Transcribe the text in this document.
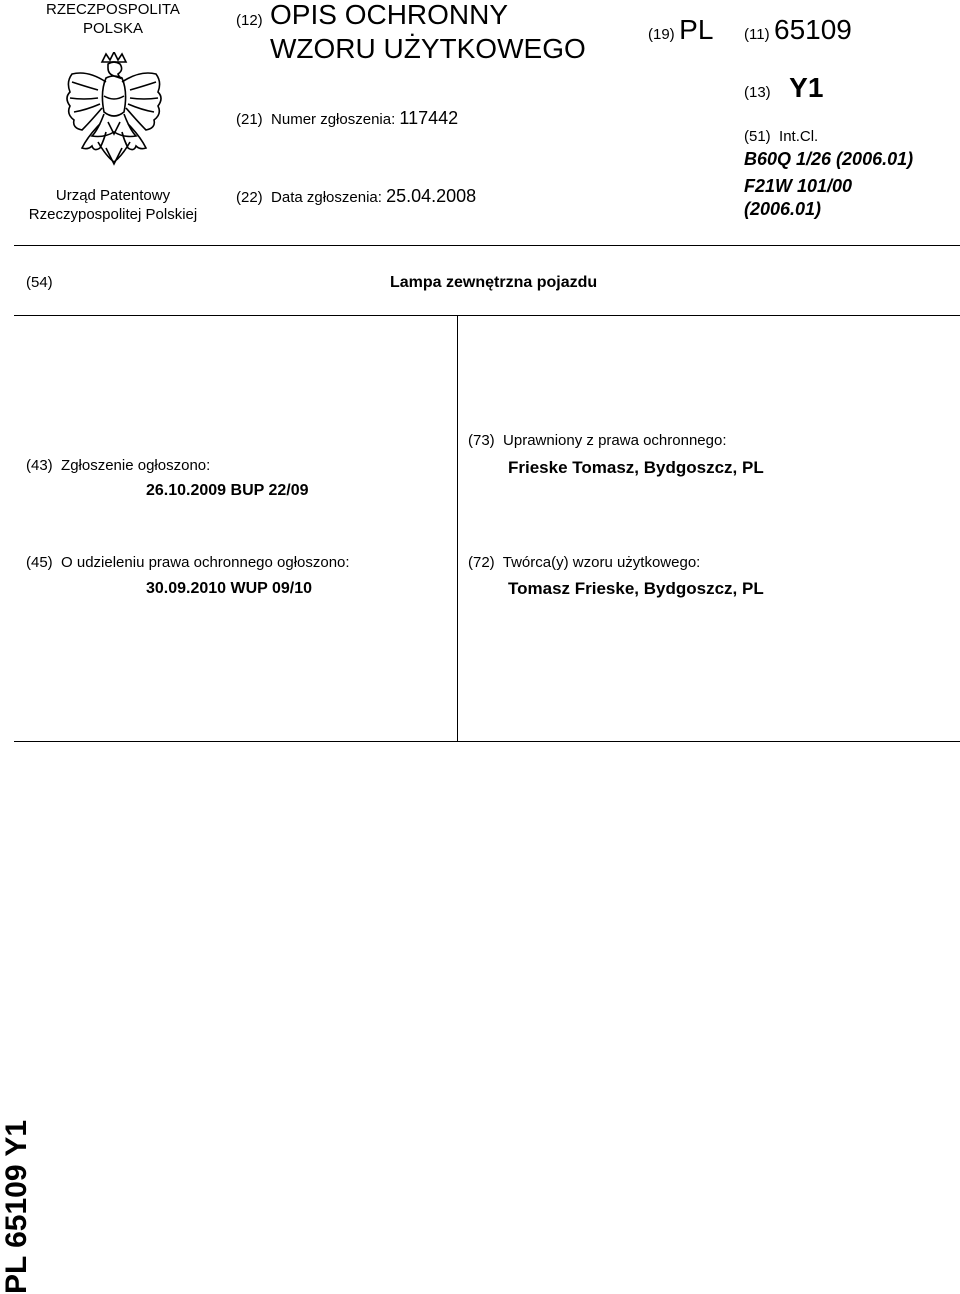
RZECZPOSPOLITA
POLSKA
Urząd Patentowy
Rzeczypospolitej Polskiej
(12) OPIS OCHRONNY
WZORU UŻYTKOWEGO
(21) Numer zgłoszenia: 117442
(22) Data zgłoszenia: 25.04.2008
(19) PL (11) 65109
(13) Y1
(51) Int.Cl.
B60Q 1/26 (2006.01)
F21W 101/00
(2006.01)
(54)	Lampa zewnętrzna pojazdu
(43) Zgłoszenie ogłoszono:
26.10.2009 BUP 22/09
(45) O udzieleniu prawa ochronnego ogłoszono:
30.09.2010 WUP 09/10
(73) Uprawniony z prawa ochronnego:
Frieske Tomasz, Bydgoszcz, PL
(72) Twórca(y) wzoru użytkowego:
Tomasz Frieske, Bydgoszcz, PL
PL 65109 Y1
